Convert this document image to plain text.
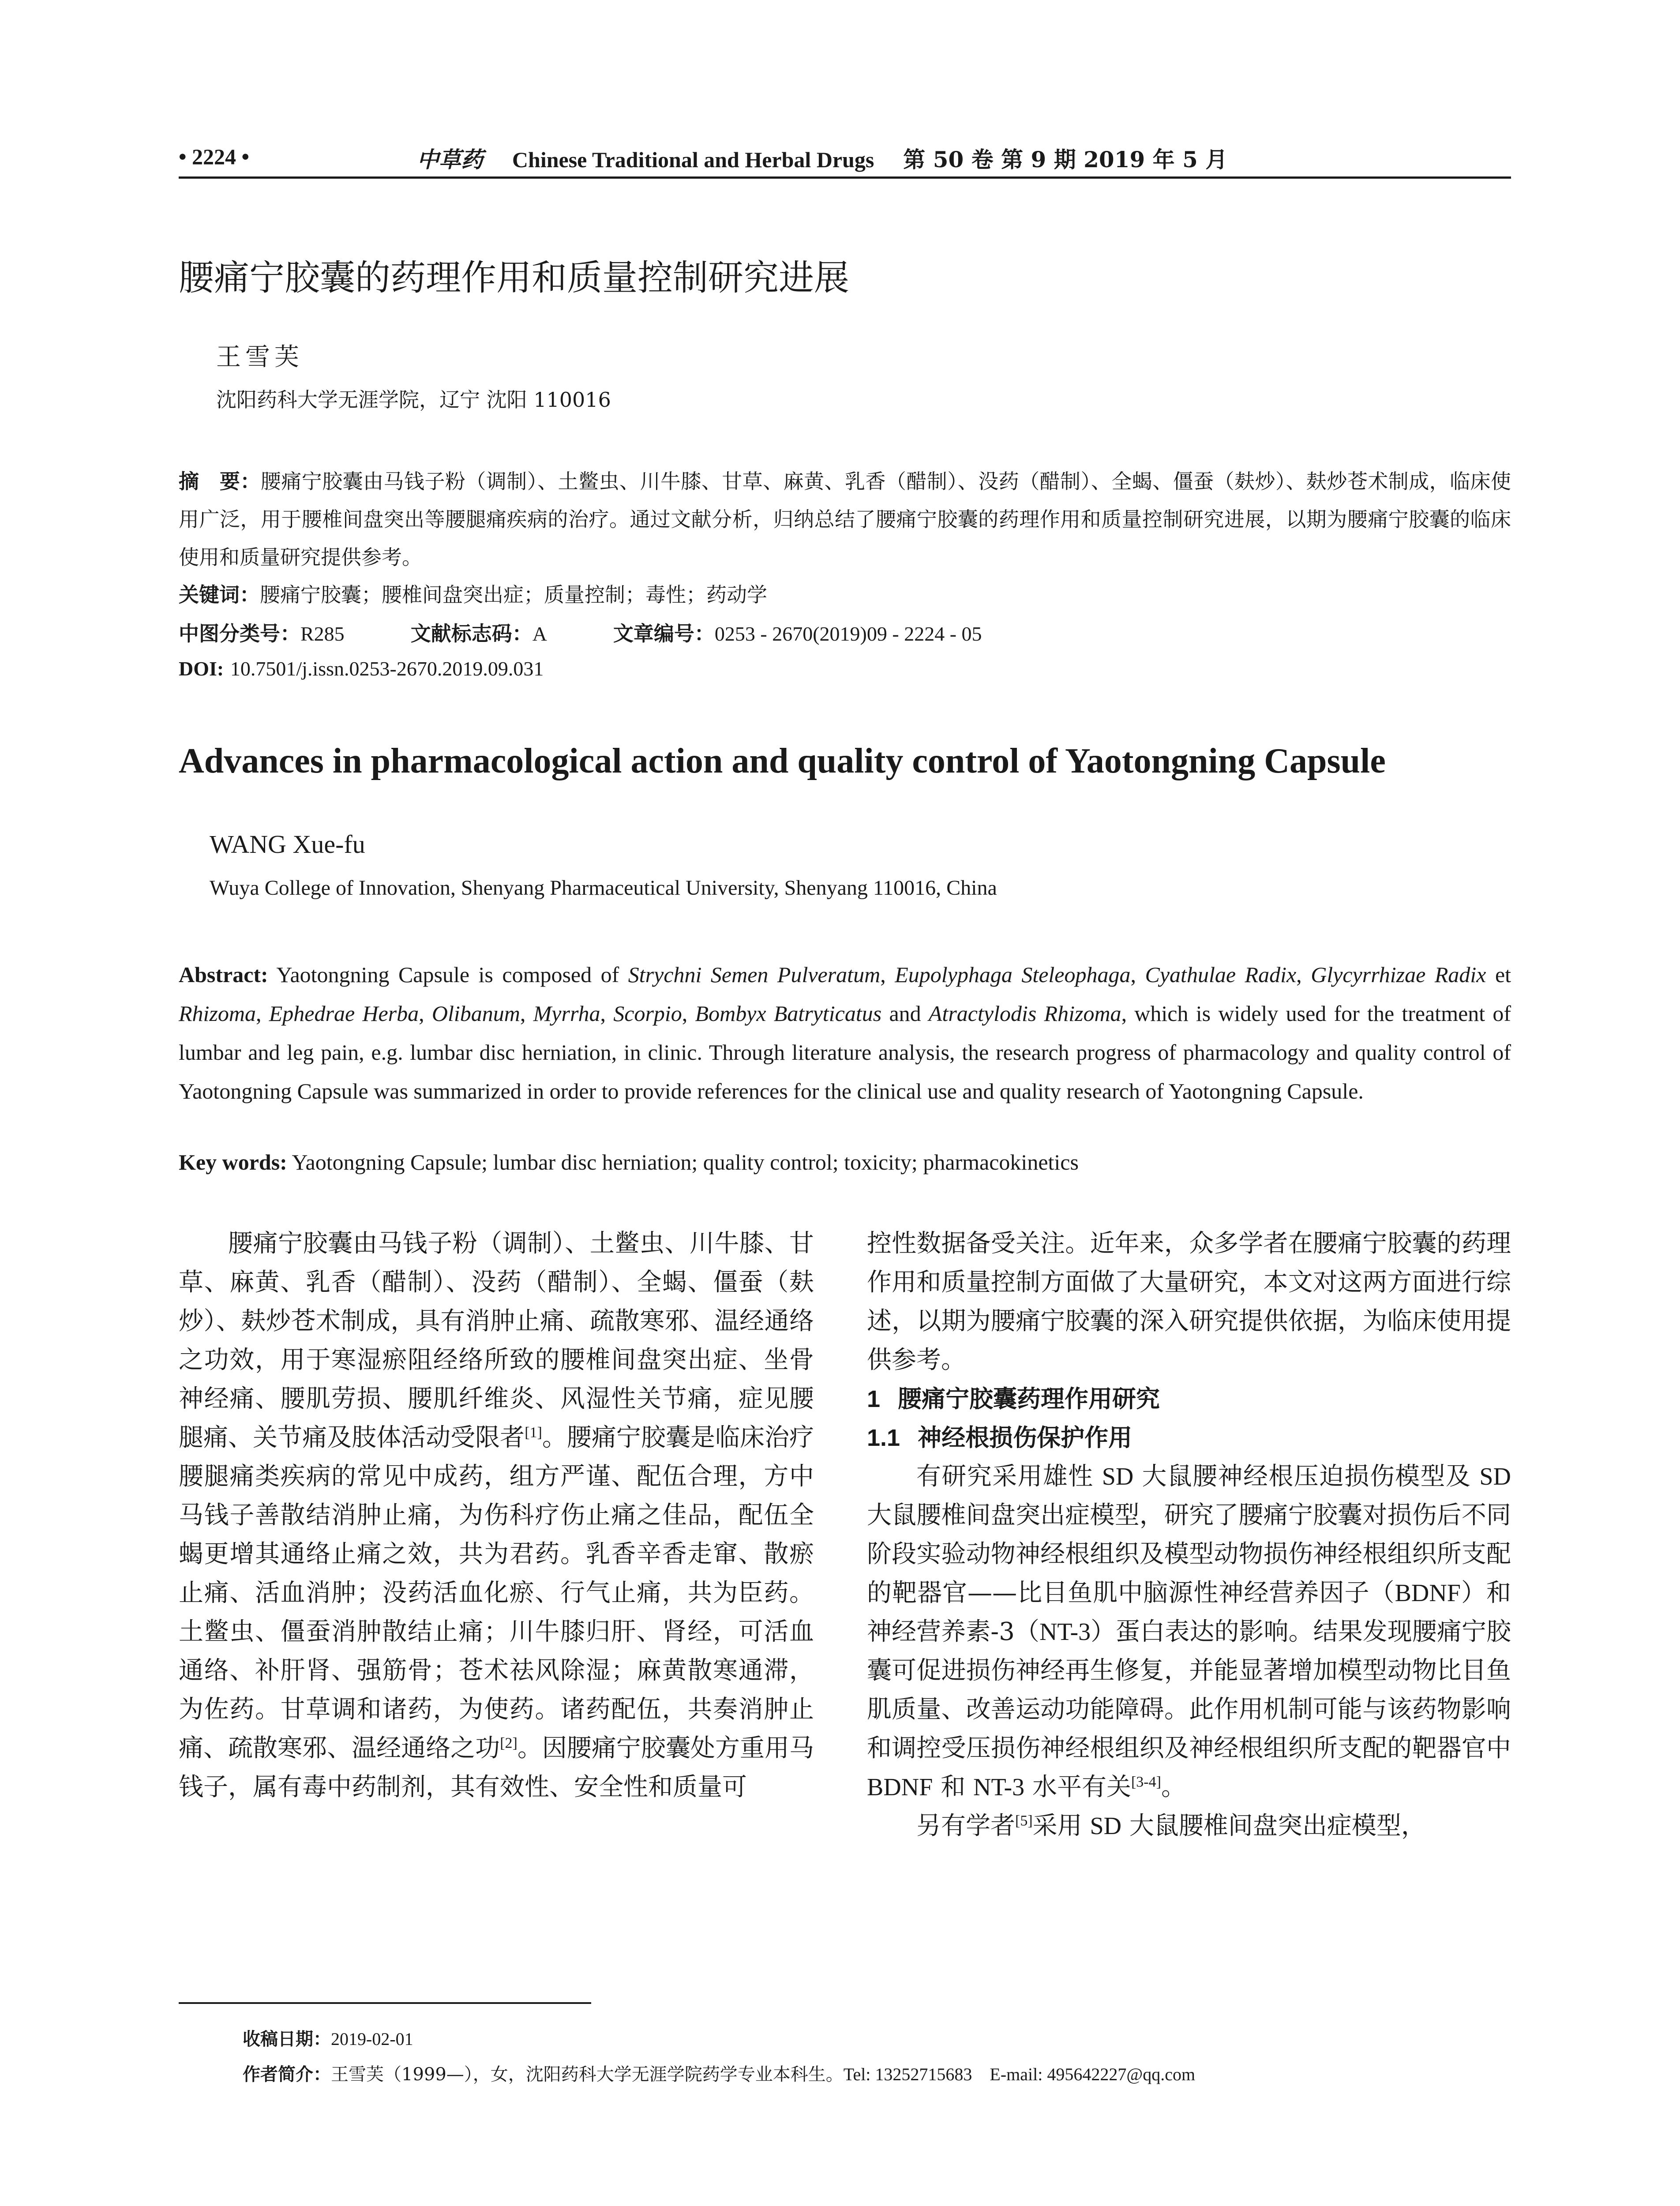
• 2224 •	中草药 Chinese Traditional and Herbal Drugs 第 50 卷 第 9 期 2019 年 5 月
腰痛宁胶囊的药理作用和质量控制研究进展
王雪芙
沈阳药科大学无涯学院，辽宁 沈阳 110016
摘　要：腰痛宁胶囊由马钱子粉（调制）、土鳖虫、川牛膝、甘草、麻黄、乳香（醋制）、没药（醋制）、全蝎、僵蚕（麸炒）、麸炒苍术制成，临床使用广泛，用于腰椎间盘突出等腰腿痛疾病的治疗。通过文献分析，归纳总结了腰痛宁胶囊的药理作用和质量控制研究进展，以期为腰痛宁胶囊的临床使用和质量研究提供参考。
关键词：腰痛宁胶囊；腰椎间盘突出症；质量控制；毒性；药动学
中图分类号：R285	文献标志码：A	文章编号：0253 - 2670(2019)09 - 2224 - 05
DOI: 10.7501/j.issn.0253-2670.2019.09.031
Advances in pharmacological action and quality control of Yaotongning Capsule
WANG Xue-fu
Wuya College of Innovation, Shenyang Pharmaceutical University, Shenyang 110016, China
Abstract: Yaotongning Capsule is composed of Strychni Semen Pulveratum, Eupolyphaga Steleophaga, Cyathulae Radix, Glycyrrhizae Radix et Rhizoma, Ephedrae Herba, Olibanum, Myrrha, Scorpio, Bombyx Batryticatus and Atractylodis Rhizoma, which is widely used for the treatment of lumbar and leg pain, e.g. lumbar disc herniation, in clinic. Through literature analysis, the research progress of pharmacology and quality control of Yaotongning Capsule was summarized in order to provide references for the clinical use and quality research of Yaotongning Capsule.
Key words: Yaotongning Capsule; lumbar disc herniation; quality control; toxicity; pharmacokinetics

腰痛宁胶囊由马钱子粉（调制）、土鳖虫、川牛膝、甘草、麻黄、乳香（醋制）、没药（醋制）、全蝎、僵蚕（麸炒）、麸炒苍术制成，具有消肿止痛、疏散寒邪、温经通络之功效，用于寒湿瘀阻经络所致的腰椎间盘突出症、坐骨神经痛、腰肌劳损、腰肌纤维炎、风湿性关节痛，症见腰腿痛、关节痛及肢体活动受限者[1]。腰痛宁胶囊是临床治疗腰腿痛类疾病的常见中成药，组方严谨、配伍合理，方中马钱子善散结消肿止痛，为伤科疗伤止痛之佳品，配伍全蝎更增其通络止痛之效，共为君药。乳香辛香走窜、散瘀止痛、活血消肿；没药活血化瘀、行气止痛，共为臣药。土鳖虫、僵蚕消肿散结止痛；川牛膝归肝、肾经，可活血通络、补肝肾、强筋骨；苍术祛风除湿；麻黄散寒通滞，为佐药。甘草调和诸药，为使药。诸药配伍，共奏消肿止痛、疏散寒邪、温经通络之功[2]。因腰痛宁胶囊处方重用马钱子，属有毒中药制剂，其有效性、安全性和质量可

控性数据备受关注。近年来，众多学者在腰痛宁胶囊的药理作用和质量控制方面做了大量研究，本文对这两方面进行综述，以期为腰痛宁胶囊的深入研究提供依据，为临床使用提供参考。

1 腰痛宁胶囊药理作用研究

1.1 神经根损伤保护作用

有研究采用雄性 SD 大鼠腰神经根压迫损伤模型及 SD 大鼠腰椎间盘突出症模型，研究了腰痛宁胶囊对损伤后不同阶段实验动物神经根组织及模型动物损伤神经根组织所支配的靶器官——比目鱼肌中脑源性神经营养因子（BDNF）和神经营养素-3（NT-3）蛋白表达的影响。结果发现腰痛宁胶囊可促进损伤神经再生修复，并能显著增加模型动物比目鱼肌质量、改善运动功能障碍。此作用机制可能与该药物影响和调控受压损伤神经根组织及神经根组织所支配的靶器官中 BDNF 和 NT-3 水平有关[3-4]。

另有学者[5]采用 SD 大鼠腰椎间盘突出症模型，

收稿日期：2019-02-01
作者简介：王雪芙（1999—），女，沈阳药科大学无涯学院药学专业本科生。Tel: 13252715683　E-mail: 495642227@qq.com
